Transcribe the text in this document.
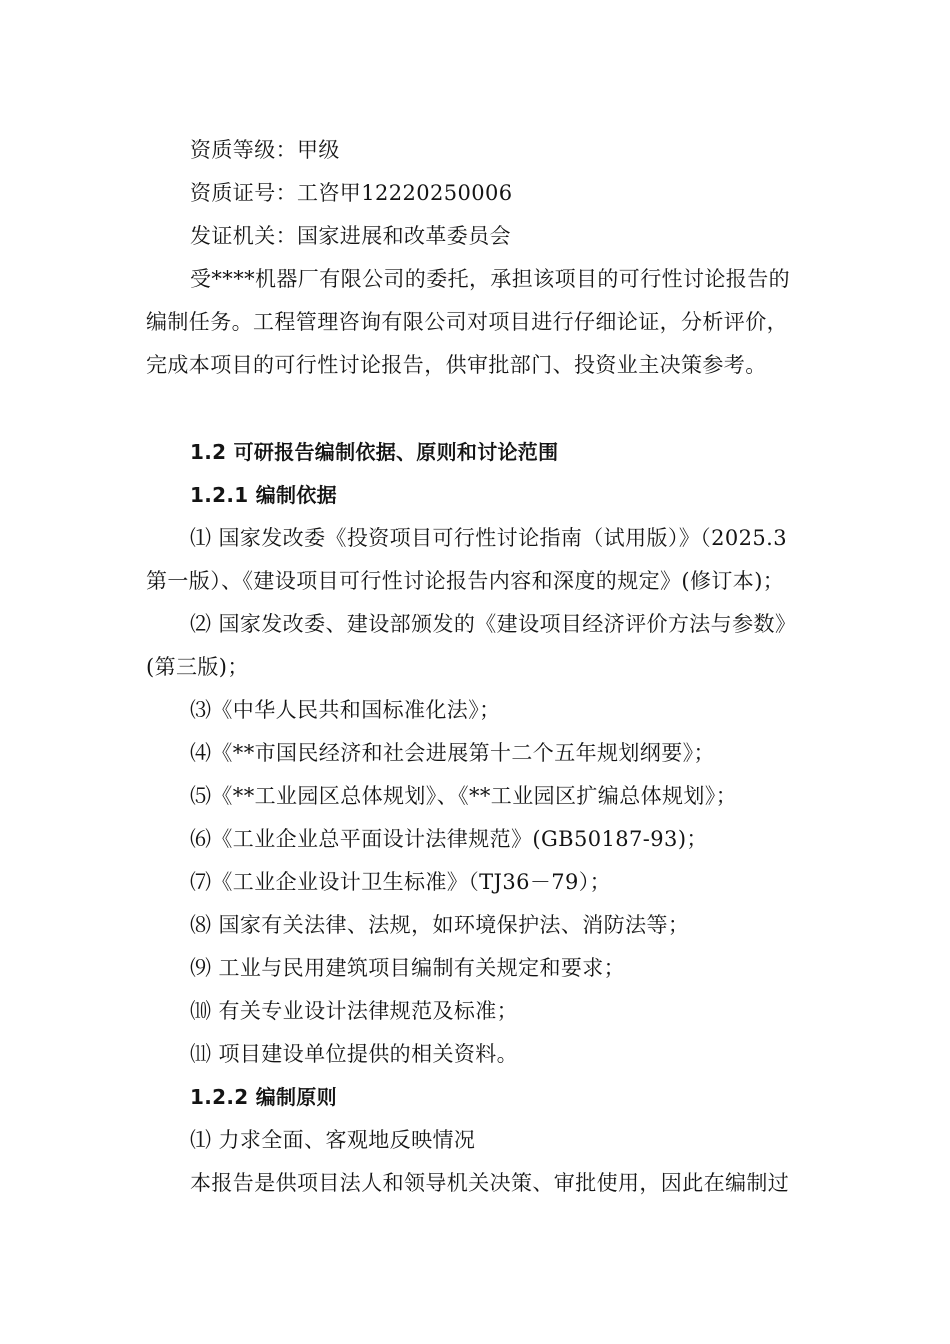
资质等级：甲级
资质证号：工咨甲12220250006
发证机关：国家进展和改革委员会
受****机器厂有限公司的委托，承担该项目的可行性讨论报告的
编制任务。工程管理咨询有限公司对项目进行仔细论证，分析评价，
完成本项目的可行性讨论报告，供审批部门、投资业主决策参考。
1.2 可研报告编制依据、原则和讨论范围
1.2.1 编制依据
⑴ 国家发改委《投资项目可行性讨论指南（试用版）》（2025.3
第一版）、《建设项目可行性讨论报告内容和深度的规定》(修订本)；
⑵ 国家发改委、建设部颁发的《建设项目经济评价方法与参数》
(第三版)；
⑶《中华人民共和国标准化法》；
⑷《**市国民经济和社会进展第十二个五年规划纲要》；
⑸《**工业园区总体规划》、《**工业园区扩编总体规划》；
⑹《工业企业总平面设计法律规范》(GB50187-93)；
⑺《工业企业设计卫生标准》（TJ36－79）；
⑻ 国家有关法律、法规，如环境保护法、消防法等；
⑼ 工业与民用建筑项目编制有关规定和要求；
⑽ 有关专业设计法律规范及标准；
⑾ 项目建设单位提供的相关资料。
1.2.2 编制原则
⑴ 力求全面、客观地反映情况
本报告是供项目法人和领导机关决策、审批使用，因此在编制过
